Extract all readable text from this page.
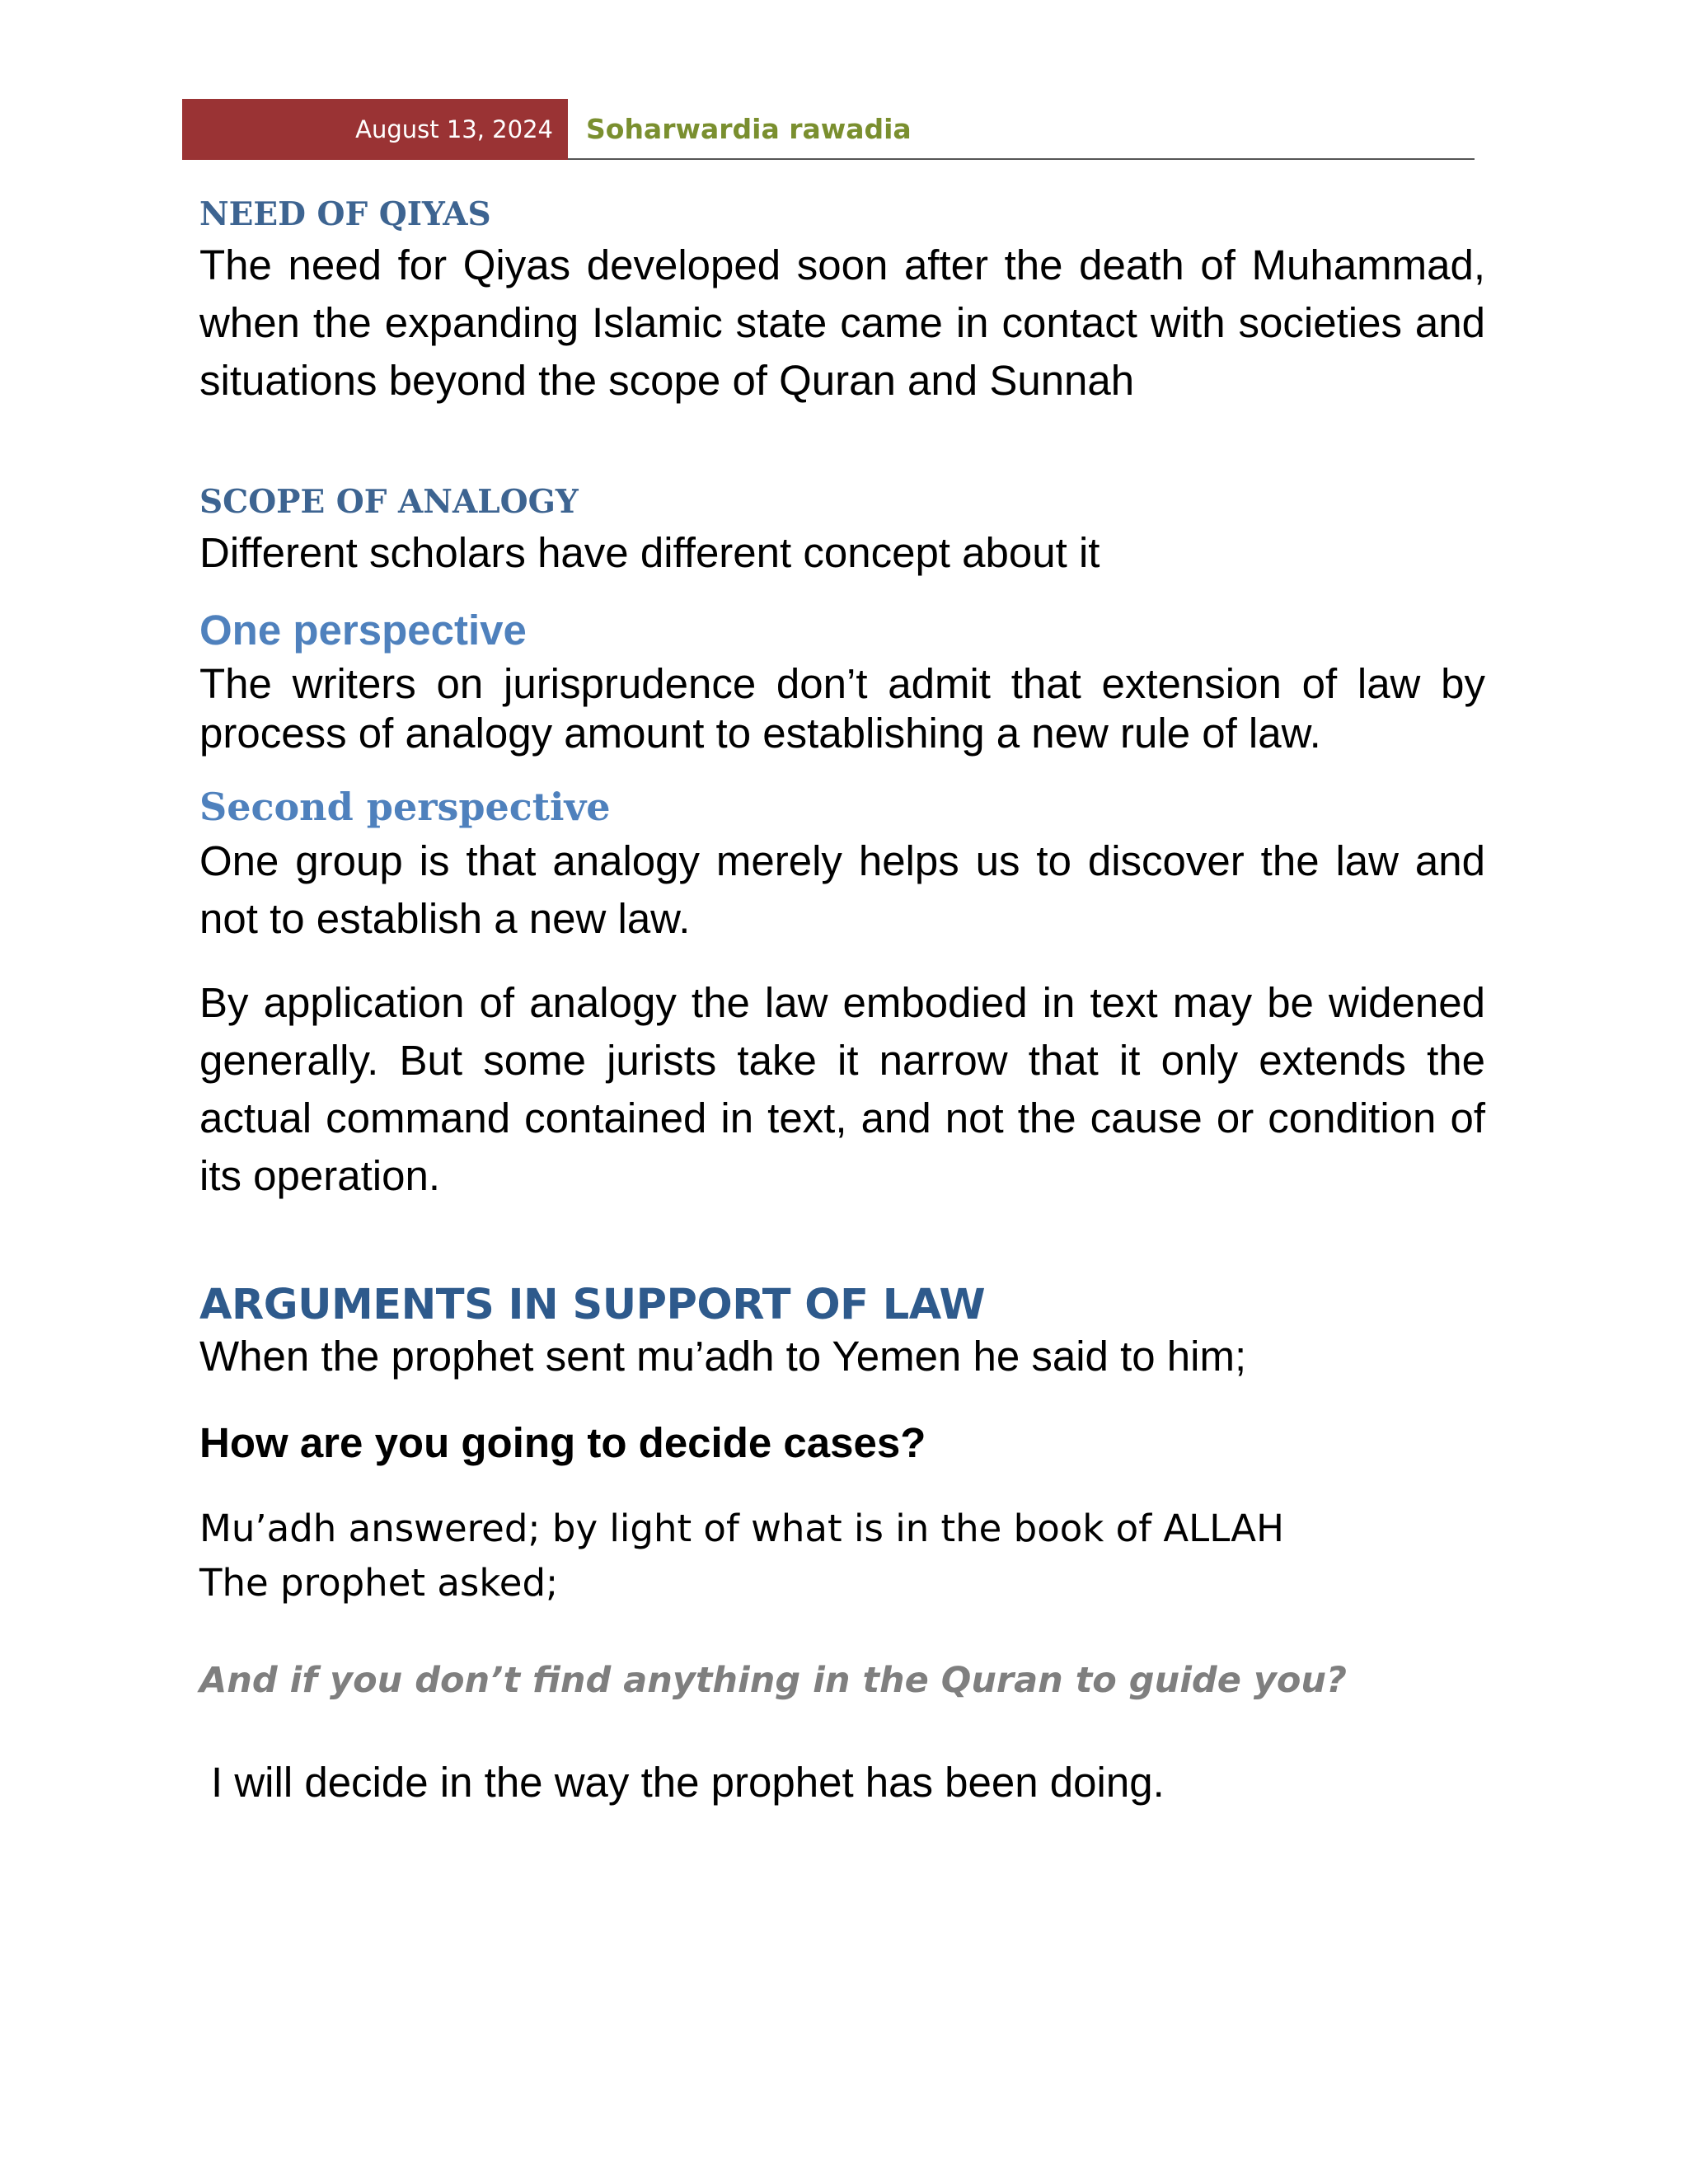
August 13, 2024	Soharwardia rawadia
NEED OF QIYAS

The need for Qiyas developed soon after the death of Muhammad, when the expanding Islamic state came in contact with societies and situations beyond the scope of Quran and Sunnah

SCOPE OF ANALOGY

Different scholars have different concept about it

One perspective

The writers on jurisprudence don’t admit that extension of law by process of analogy amount to establishing a new rule of law.

Second perspective

One group is that analogy merely helps us to discover the law and not to establish a new law.

By application of analogy the law embodied in text may be widened generally. But some jurists take it narrow that it only extends the actual command contained in text, and not the cause or condition of its operation.

ARGUMENTS IN SUPPORT OF LAW

When the prophet sent mu’adh to Yemen he said to him;

How are you going to decide cases?

Mu’adh answered; by light of what is in the book of ALLAH

The prophet asked;

And if you don’t find anything in the Quran to guide you?

I will decide in the way the prophet has been doing.
